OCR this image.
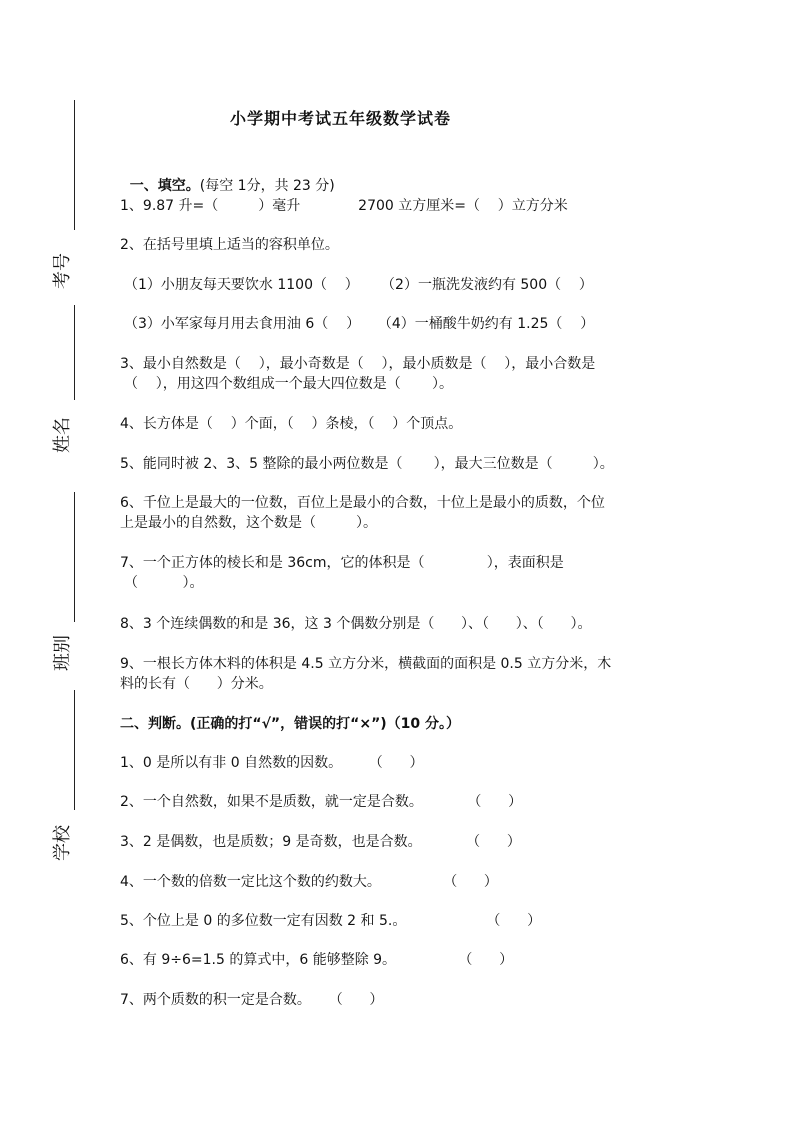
考号
姓名
班别
学校
小学期中考试五年级数学试卷

一、填空。(每空 1分，共 23 分)

1、9.87 升=（         ）毫升             2700 立方厘米=（    ）立方分米
2、在括号里填上适当的容积单位。
（1）小朋友每天要饮水 1100（    ）     （2）一瓶洗发液约有 500（    ）
（3）小军家每月用去食用油 6（    ）    （4）一桶酸牛奶约有 1.25（    ）
3、最小自然数是（    ），最小奇数是（    ），最小质数是（    ），最小合数是
（    ），用这四个数组成一个最大四位数是（       ）。
4、长方体是（    ）个面，（    ）条棱，（    ）个顶点。
5、能同时被 2、3、5 整除的最小两位数是（       ），最大三位数是（         ）。
6、千位上是最大的一位数，百位上是最小的合数，十位上是最小的质数，个位
上是最小的自然数，这个数是（         ）。
7、一个正方体的棱长和是 36cm，它的体积是（              ），表面积是
（          ）。
8、3 个连续偶数的和是 36，这 3 个偶数分别是（      ）、（      ）、（      ）。
9、一根长方体木料的体积是 4.5 立方分米，横截面的面积是 0.5 立方分米，木
料的长有（      ）分米。
二、判断。(正确的打“√”，错误的打“×”)（10 分。）
1、0 是所以有非 0 自然数的因数。      （      ）
2、一个自然数，如果不是质数，就一定是合数。          （      ）
3、2 是偶数，也是质数；9 是奇数，也是合数。          （      ）
4、一个数的倍数一定比这个数的约数大。              （      ）
5、个位上是 0 的多位数一定有因数 2 和 5.。                  （      ）
6、有 9÷6=1.5 的算式中，6 能够整除 9。              （      ）
7、两个质数的积一定是合数。    （      ）
